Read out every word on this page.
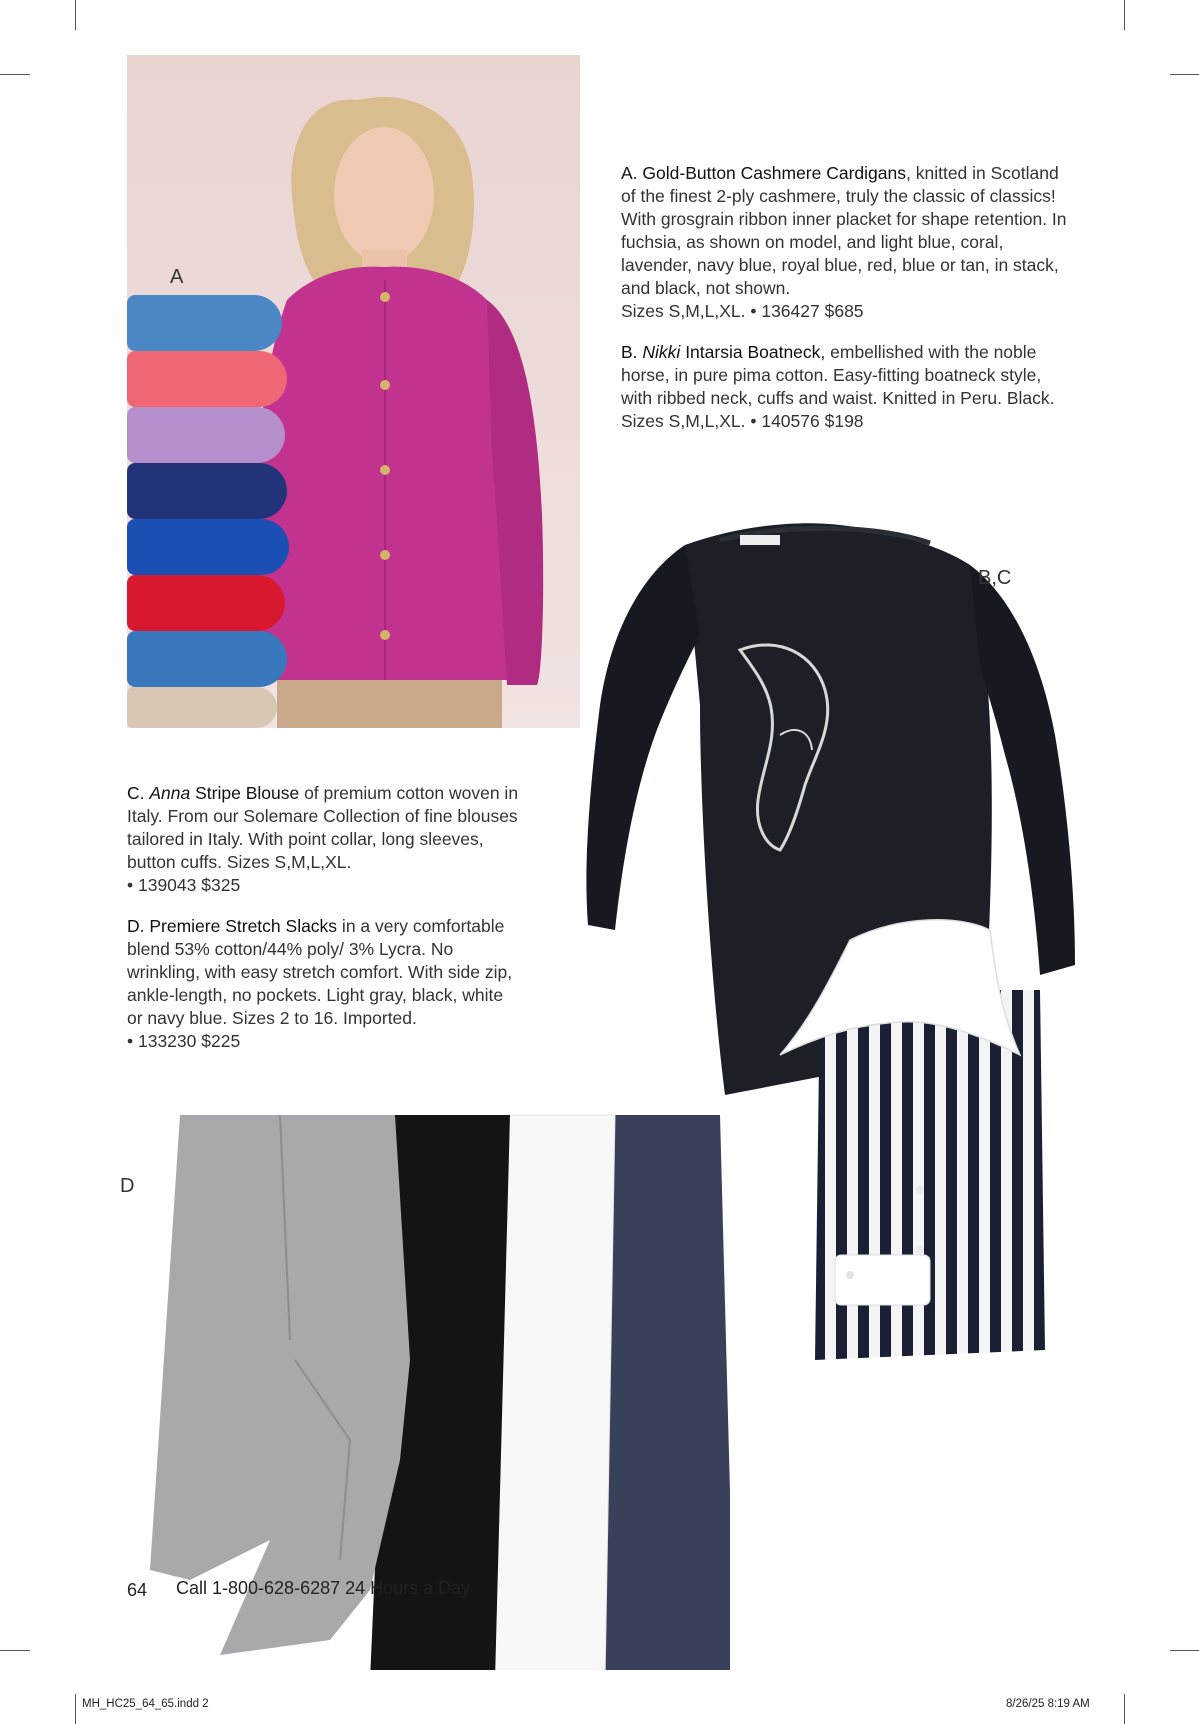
A

A. Gold-Button Cashmere Cardigans, knitted in Scotland of the finest 2-ply cashmere, truly the classic of classics! With grosgrain ribbon inner placket for shape retention. In fuchsia, as shown on model, and light blue, coral, lavender, navy blue, royal blue, red, blue or tan, in stack, and black, not shown.
Sizes S,M,L,XL. • 136427 $685

B. Nikki Intarsia Boatneck, embellished with the noble horse, in pure pima cotton. Easy-fitting boatneck style, with ribbed neck, cuffs and waist. Knitted in Peru. Black. Sizes S,M,L,XL. • 140576 $198

B,C

C. Anna Stripe Blouse of premium cotton woven in Italy. From our Solemare Collection of fine blouses tailored in Italy. With point collar, long sleeves, button cuffs. Sizes S,M,L,XL.
• 139043 $325

D. Premiere Stretch Slacks in a very comfortable blend 53% cotton/44% poly/ 3% Lycra. No wrinkling, with easy stretch comfort. With side zip, ankle-length, no pockets. Light gray, black, white or navy blue. Sizes 2 to 16. Imported.
• 133230 $225

D
64 Call 1-800-628-6287 24 Hours a Day
MH_HC25_64_65.indd 2	8/26/25 8:19 AM
